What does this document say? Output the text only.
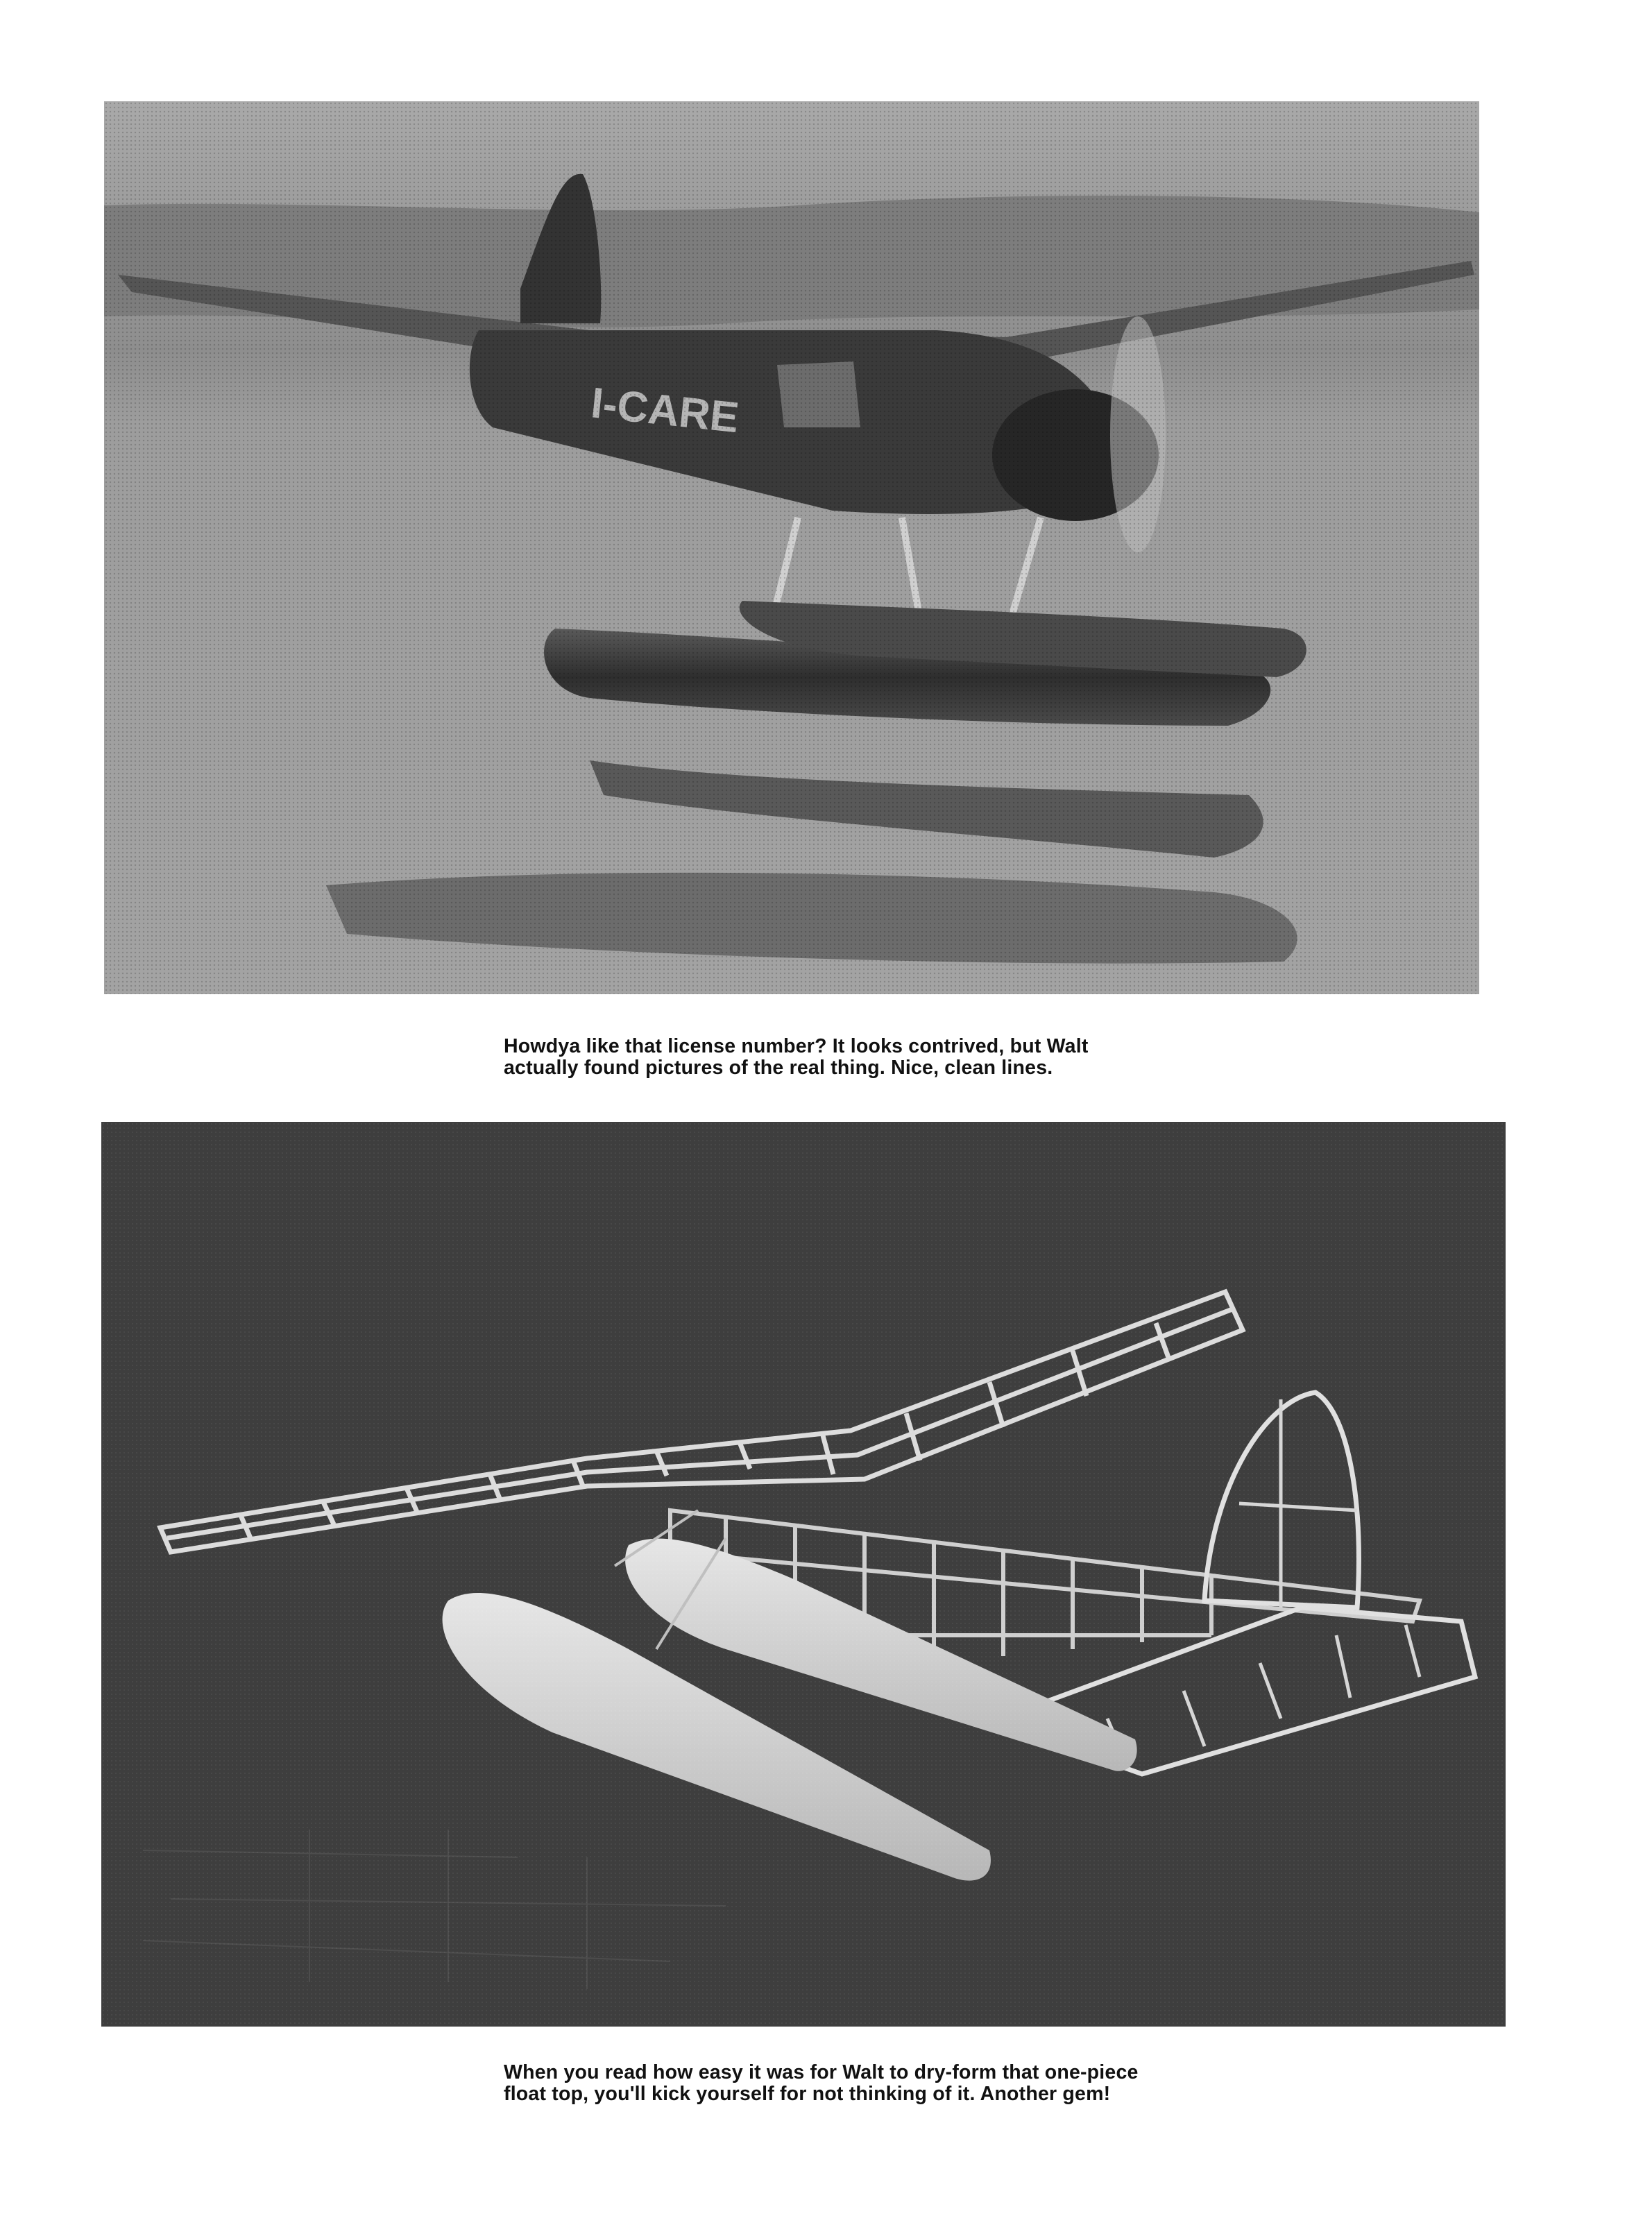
Howdya like that license number? It looks contrived, but Walt
actually found pictures of the real thing. Nice, clean lines.

When you read how easy it was for Walt to dry-form that one-piece
float top, you'll kick yourself for not thinking of it. Another gem!
